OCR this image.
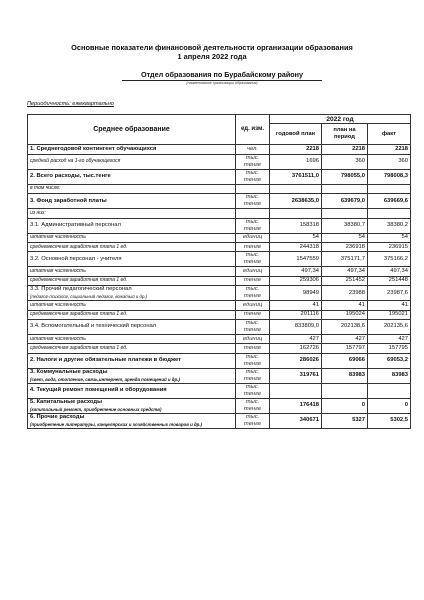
Основные показатели финансовой деятельности организации образования
1 апреля 2022 года
Отдел образования по Бурабайскому району
(наименование организации образования)
Периодичность: ежеквартально
Среднее образование	ед. изм.	2022 год		
		годовой план	план на период	факт
1. Среднегодовой контингент обучающихся	чел.	2218	2218	2218
средний расход на 1-го обучающегося	тыс. тенге	1696	360	360
2. Всего расходы, тыс.тенге	тыс. тенге	3761511,0	798055,0	798008,3
в том числе:				
3. Фонд заработной платы	тыс. тенге	2638635,0	639679,0	639669,6
из них:				
3.1. Административный персонал	тыс. тенге	158318	38380,7	38380,2
штатная численность	единиц	54	54	54
среднемесячная заработная плата 1 ед.	тенге	244318	236918	236915
3.2. Основной персонал - учителя	тыс. тенге	1547559	375171,7	375166,2
штатная численность	единиц	497,34	497,34	497,34
среднемесячная заработная плата 1 ед.	тенге	259306	251452	251448
3.3. Прочий педагогический персонал
(педагог-психолог, социальный педагог, вожатый и др.)	тыс. тенге	98949	23988	23987,6
штатная численность	единиц	41	41	41
среднемесячная заработная плата 1 ед.	тенге	201116	195024	195021
3.4. Вспомогательный и технический персонал	тыс. тенге	833809,0	202138,6	202135,6
штатная численность	единиц	427	427	427
среднемесячная заработная плата 1 ед.	тенге	162726	157797	157795
2. Налоги и другие обязательные платежи в бюджет	тыс. тенге	286026	69066	69053,2
3. Коммунальные расходы
(свет, вода, отопление, связь,интернет, аренда помещений и др.)	тыс. тенге	319761	83983	83983
4. Текущий ремонт помещений и оборудования	тыс. тенге			
5. Капитальные расходы
(капитальный ремонт, приобретение основных средств)	тыс. тенге	176418	0	0
6. Прочие расходы
(приобретение литературы, канцелярских и хозяйственных товаров и др.)	тыс. тенге	340671	5327	5302,5
